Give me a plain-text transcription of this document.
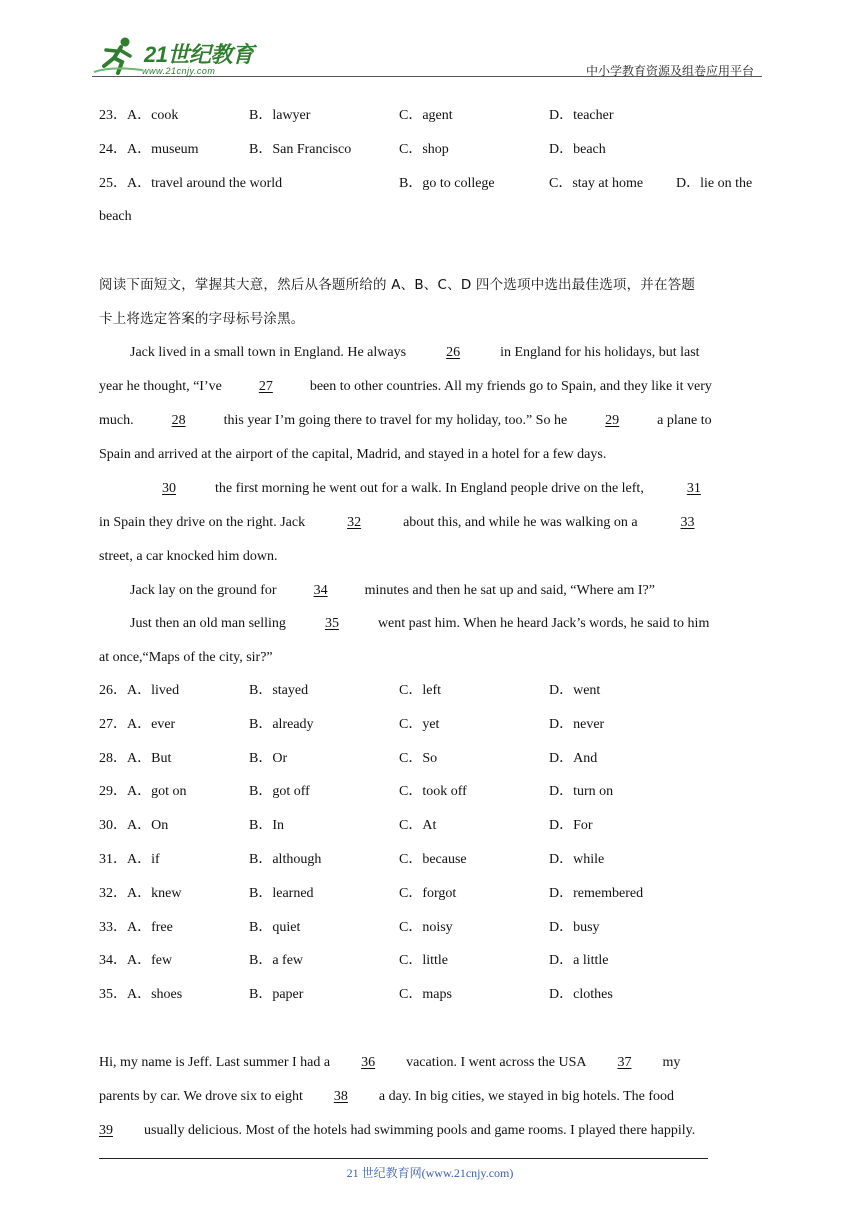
21世纪教育
www.21cnjy.com	中小学教育资源及组卷应用平台
23．A．cook	B．lawyer	C．agent	D．teacher
24．A．museum	B．San Francisco	C．shop	D．beach
25．A．travel around the world	B．go to college	C．stay at home D．lie on the
beach
阅读下面短文，掌握其大意，然后从各题所给的 A、B、C、D 四个选项中选出最佳选项，并在答题
卡上将选定答案的字母标号涂黑。
Jack lived in a small town in England. He always	26	in England for his holidays, but last
year he thought, “I’ve	27	been to other countries. All my friends go to Spain, and they like it very
much.	28	this year I’m going there to travel for my holiday, too.” So he	29	a plane to
Spain and arrived at the airport of the capital, Madrid, and stayed in a hotel for a few days.
30	the first morning he went out for a walk. In England people drive on the left,	31
in Spain they drive on the right. Jack	32	about this, and while he was walking on a	33
street, a car knocked him down.
Jack lay on the ground for	34	minutes and then he sat up and said, “Where am I?”
Just then an old man selling	35	went past him. When he heard Jack’s words, he said to him
at once,“Maps of the city, sir?”
26．A．lived	B．stayed	C．left	D．went
27．A．ever	B．already	C．yet	D．never
28．A．But	B．Or	C．So	D．And
29．A．got on	B．got off	C．took off	D．turn on
30．A．On	B．In	C．At	D．For
31．A．if	B．although	C．because	D．while
32．A．knew	B．learned	C．forgot	D．remembered
33．A．free	B．quiet	C．noisy	D．busy
34．A．few	B．a few	C．little	D．a little
35．A．shoes	B．paper	C．maps	D．clothes
Hi, my name is Jeff. Last summer I had a 36 vacation. I went across the USA 37 my
parents by car. We drove six to eight 38 a day. In big cities, we stayed in big hotels. The food
39 usually delicious. Most of the hotels had swimming pools and game rooms. I played there happily.
21 世纪教育网(www.21cnjy.com)
